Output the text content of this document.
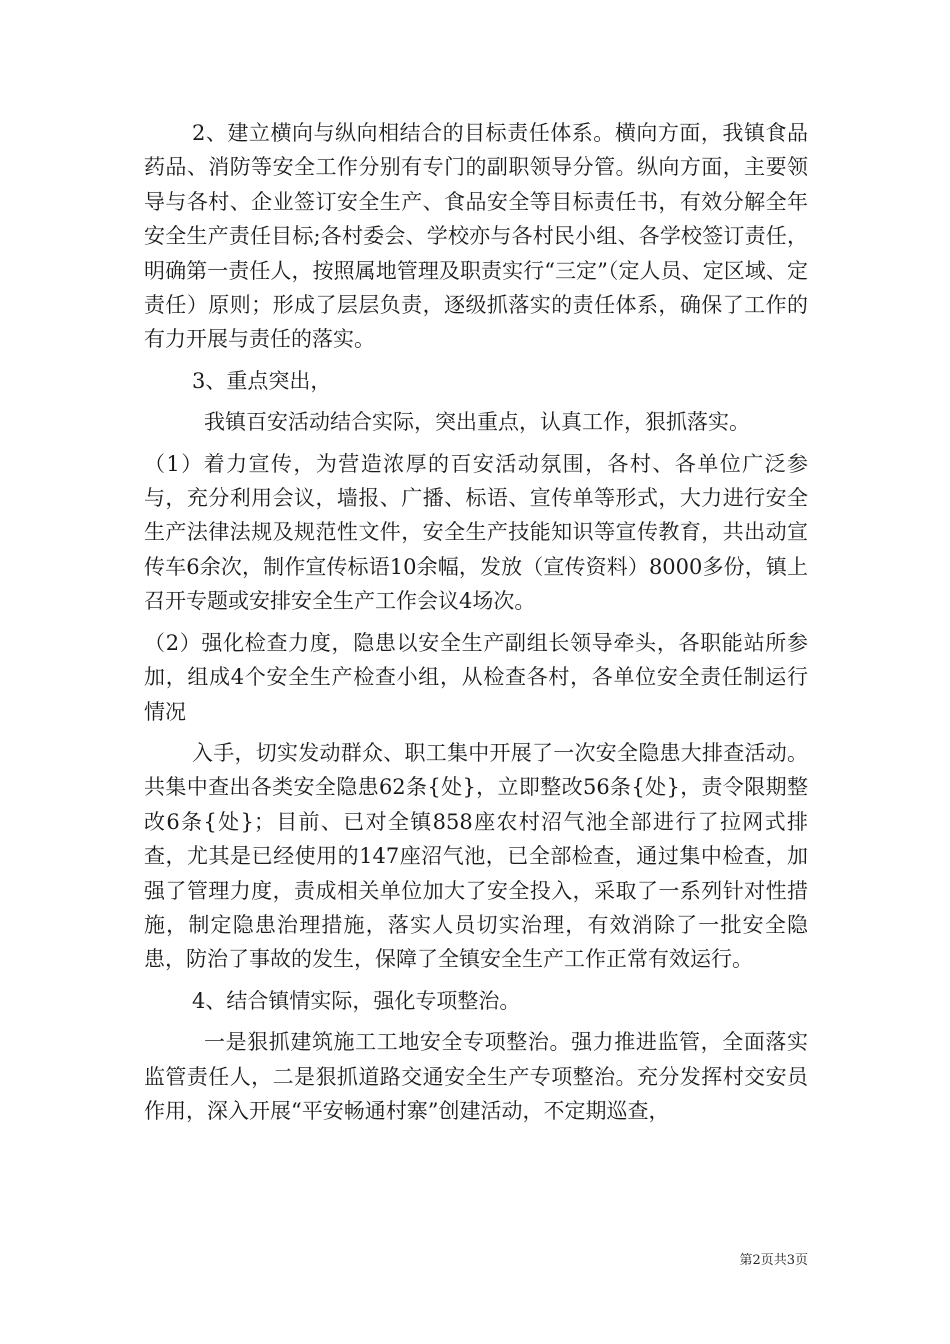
2、建立横向与纵向相结合的目标责任体系。横向方面，我镇食品药品、消防等安全工作分别有专门的副职领导分管。纵向方面，主要领导与各村、企业签订安全生产、食品安全等目标责任书，有效分解全年安全生产责任目标;各村委会、学校亦与各村民小组、各学校签订责任，明确第一责任人，按照属地管理及职责实行“三定”（定人员、定区域、定责任）原则；形成了层层负责，逐级抓落实的责任体系，确保了工作的有力开展与责任的落实。

3、重点突出，

我镇百安活动结合实际，突出重点，认真工作，狠抓落实。

（1）着力宣传，为营造浓厚的百安活动氛围，各村、各单位广泛参与，充分利用会议，墙报、广播、标语、宣传单等形式，大力进行安全生产法律法规及规范性文件，安全生产技能知识等宣传教育，共出动宣传车6余次，制作宣传标语10余幅，发放（宣传资料）8000多份，镇上召开专题或安排安全生产工作会议4场次。

（2）强化检查力度，隐患以安全生产副组长领导牵头，各职能站所参加，组成4个安全生产检查小组，从检查各村，各单位安全责任制运行情况

入手，切实发动群众、职工集中开展了一次安全隐患大排查活动。共集中查出各类安全隐患62条{处}，立即整改56条{处}，责令限期整改6条{处}；目前、已对全镇858座农村沼气池全部进行了拉网式排查，尤其是已经使用的147座沼气池，已全部检查，通过集中检查，加强了管理力度，责成相关单位加大了安全投入，采取了一系列针对性措施，制定隐患治理措施，落实人员切实治理，有效消除了一批安全隐患，防治了事故的发生，保障了全镇安全生产工作正常有效运行。

4、结合镇情实际，强化专项整治。

一是狠抓建筑施工工地安全专项整治。强力推进监管，全面落实监管责任人，二是狠抓道路交通安全生产专项整治。充分发挥村交安员作用，深入开展“平安畅通村寨”创建活动，不定期巡查，

第2页共3页
